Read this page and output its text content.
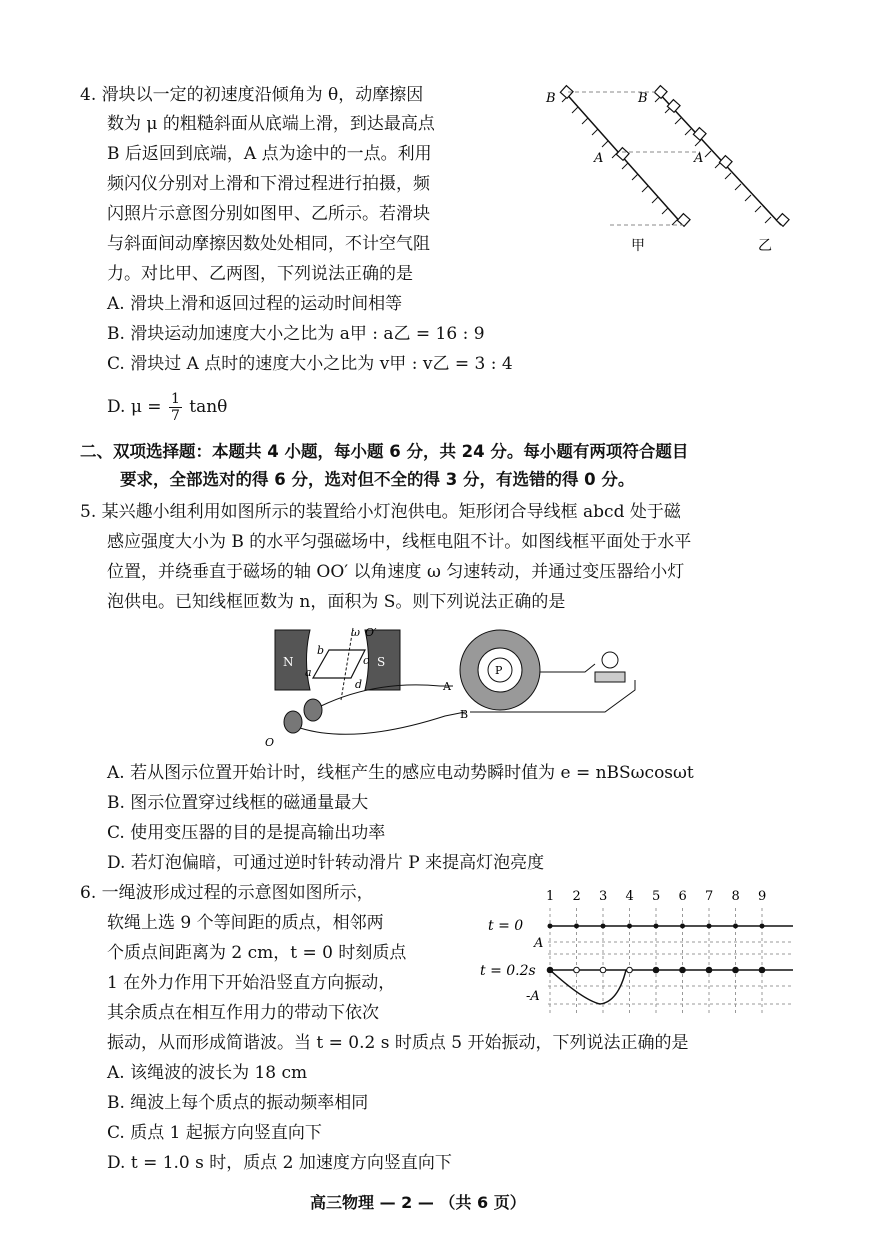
4. 滑块以一定的初速度沿倾角为 θ，动摩擦因
数为 μ 的粗糙斜面从底端上滑，到达最高点
B 后返回到底端，A 点为途中的一点。利用
频闪仪分别对上滑和下滑过程进行拍摄，频
闪照片示意图分别如图甲、乙所示。若滑块
与斜面间动摩擦因数处处相同，不计空气阻
力。对比甲、乙两图，下列说法正确的是
A. 滑块上滑和返回过程的运动时间相等
B. 滑块运动加速度大小之比为 a甲 : a乙 = 16 : 9
C. 滑块过 A 点时的速度大小之比为 v甲 : v乙 = 3 : 4
D. $\mu = \frac{1}{7}$ tanθ
B
A
B
A
甲	乙
二、双项选择题：本题共 4 小题，每小题 6 分，共 24 分。每小题有两项符合题目
要求，全部选对的得 6 分，选对但不全的得 3 分，有选错的得 0 分。
5. 某兴趣小组利用如图所示的装置给小灯泡供电。矩形闭合导线框 abcd 处于磁
感应强度大小为 B 的水平匀强磁场中，线框电阻不计。如图线框平面处于水平
位置，并绕垂直于磁场的轴 OO′ 以角速度 ω 匀速转动，并通过变压器给小灯
泡供电。已知线框匝数为 n，面积为 S。则下列说法正确的是
N	S
b
a
c
d
ω O′
O
P
A
B
A. 若从图示位置开始计时，线框产生的感应电动势瞬时值为 e = nBSωcosωt
B. 图示位置穿过线框的磁通量最大
C. 使用变压器的目的是提高输出功率
D. 若灯泡偏暗，可通过逆时针转动滑片 P 来提高灯泡亮度
6. 一绳波形成过程的示意图如图所示，
软绳上选 9 个等间距的质点，相邻两
个质点间距离为 2 cm，t = 0 时刻质点
1 在外力作用下开始沿竖直方向振动，
其余质点在相互作用力的带动下依次
振动，从而形成简谐波。当 t = 0.2 s 时质点 5 开始振动，下列说法正确的是
1 2 3 4 5 6 7 8 9
t = 0
A
t = 0.2s
-A
A. 该绳波的波长为 18 cm
B. 绳波上每个质点的振动频率相同
C. 质点 1 起振方向竖直向下
D. t = 1.0 s 时，质点 2 加速度方向竖直向下
高三物理 — 2 — （共 6 页）
